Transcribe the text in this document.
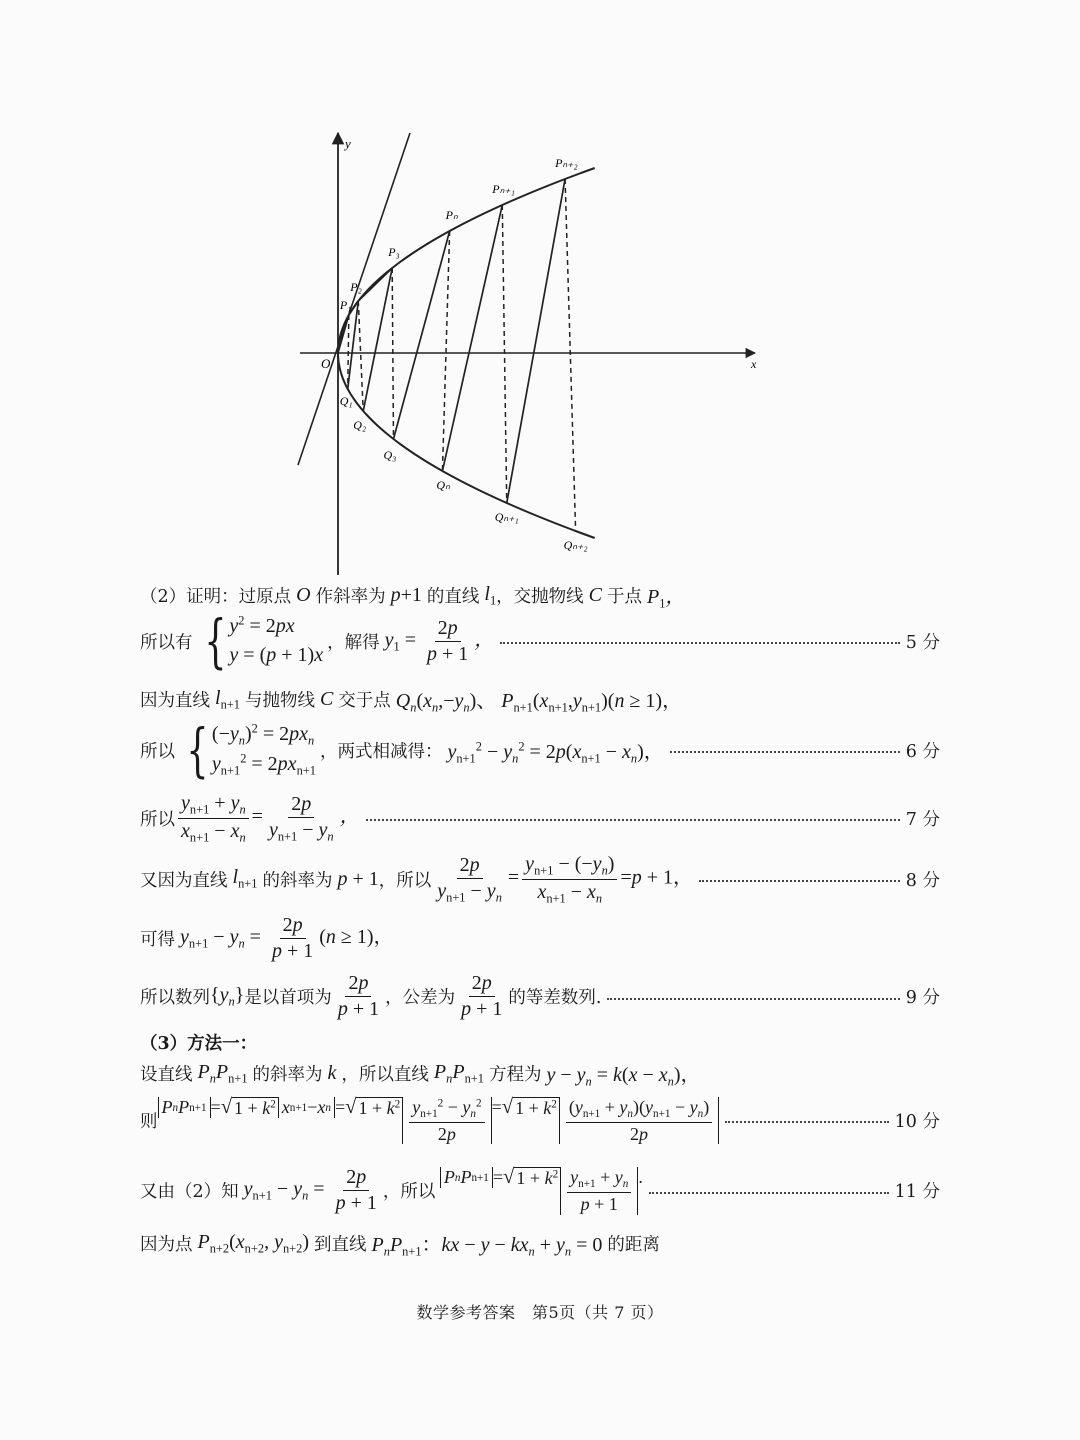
x
y
O
P₁
P₂
P₃
Pₙ
Pₙ₊₁
Pₙ₊₂
Q₁
Q₂
Q₃
Qₙ
Qₙ₊₁
Qₙ₊₂
（2）证明：过原点 O 作斜率为 p+1 的直线 $l_1$ ，交抛物线 C 于点 $P_1$，
所以有 { $y^2 = 2px$
y = (p + 1)x
，解得 $y_1 = \frac{2p}{p + 1}$ ，	5 分
因为直线 $l_{n+1}$ 与抛物线 C 交于点 $Q_n(x_n,-y_n)$、 $P_{n+1}(x_{n+1},y_{n+1})(n \ge 1)$，
所以 { $(-y_n)^2 = 2px_n$
$y_{n+1}^2 = 2px_{n+1}$
，两式相减得： $y_{n+1}^2 - y_n^2 = 2p(x_{n+1} - x_n)$，	6 分
所以 $\frac{y_{n+1} + y_n}{x_{n+1} - x_n} = \frac{2p}{y_{n+1} - y_n}$ ，	7 分
又因为直线 $l_{n+1}$ 的斜率为 p + 1 ，所以 $\frac{2p}{y_{n+1} - y_n} = \frac{y_{n+1} - (-y_n)}{x_{n+1} - x_n} =p + 1$，	8 分
可得 $y_{n+1} - y_n = \frac{2p}{p + 1} (n \ge 1)$，
所以数列 $\{y_n\}$ 是以首项为 $\frac{2p}{p + 1}$ ，公差为 $\frac{2p}{p + 1}$ 的等差数列.	9 分
（3）方法一：
设直线 $P_nP_{n+1}$ 的斜率为 k ，所以直线 $P_nP_{n+1}$ 方程为 $y - y_n = k(x - x_n)$，
则
P n P n+1 = √ $1 + k^2$ x n+1 − x n = √ $1 + k^2 \frac{y_{n+1}^2 - y_n^2}{2p}$ = √ $1 + k^2 \frac{(y_{n+1} + y_n)(y_{n+1} - y_n)}{2p}$	10 分
又由（2）知 $y_{n+1} - y_n = \frac{2p}{p + 1}$ ，所以
P n P n+1 = √ $1 + k^2 \frac{y_{n+1} + y_n}{p + 1}$ .
11 分
因为点 $P_{n+2}(x_{n+2}$, $y_{n+2}$) 到直线 $P_nP_{n+1}$：kx − $y - kx_n + y_n = 0$ 的距离
数学参考答案　第5页（共 7 页）
